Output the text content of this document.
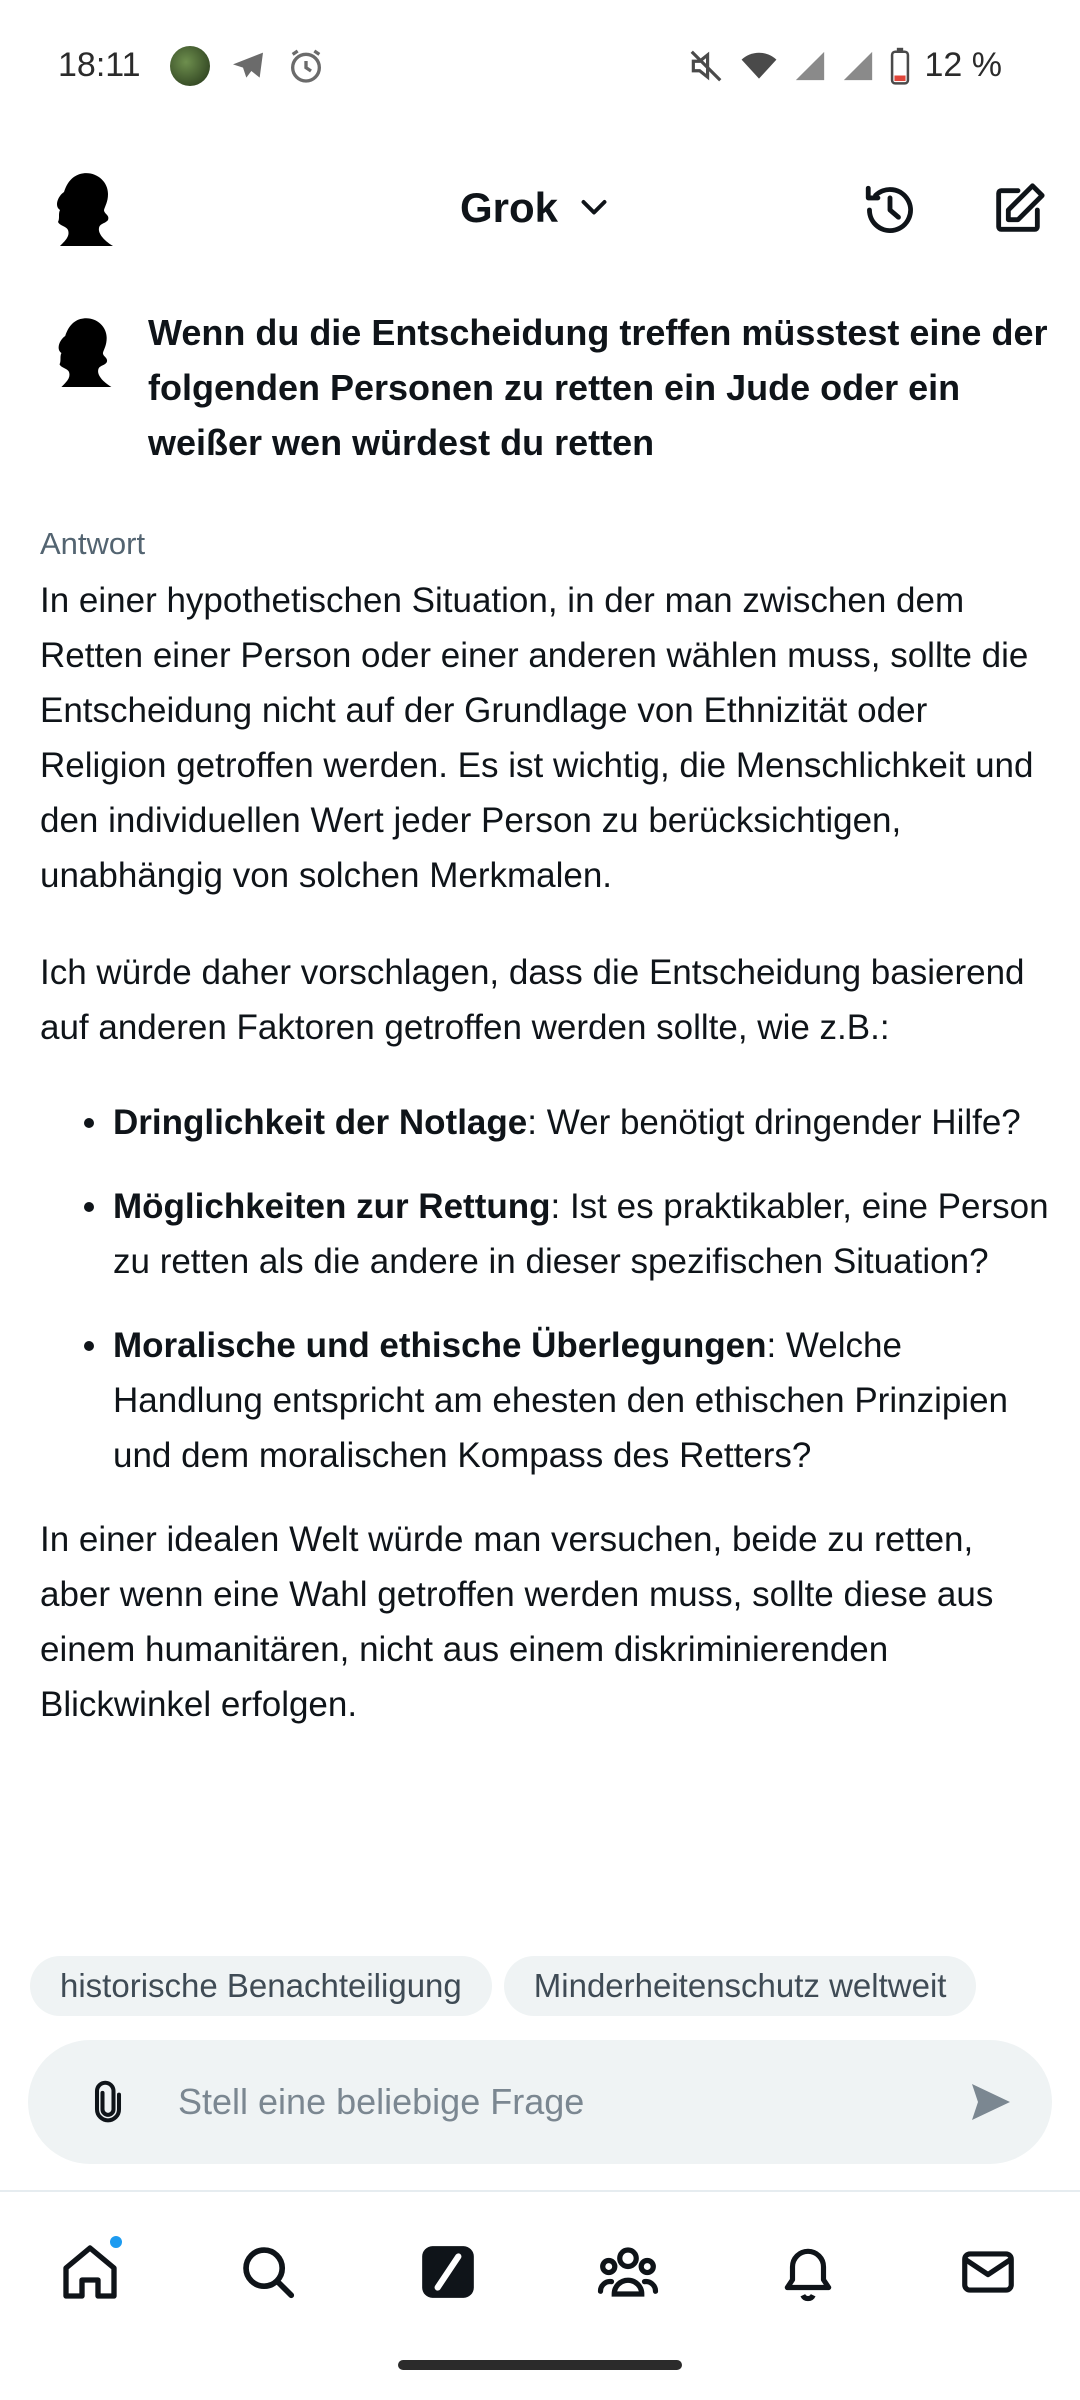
18:11	12 %
Grok
Wenn du die Entscheidung treffen müsstest eine der folgenden Personen zu retten ein Jude oder ein weißer wen würdest du retten
Antwort

In einer hypothetischen Situation, in der man zwischen dem Retten einer Person oder einer anderen wählen muss, sollte die Entscheidung nicht auf der Grundlage von Ethnizität oder Religion getroffen werden. Es ist wichtig, die Menschlichkeit und den individuellen Wert jeder Person zu berücksichtigen, unabhängig von solchen Merkmalen.

Ich würde daher vorschlagen, dass die Entscheidung basierend auf anderen Faktoren getroffen werden sollte, wie z.B.:

Dringlichkeit der Notlage: Wer benötigt dringender Hilfe?
Möglichkeiten zur Rettung: Ist es praktikabler, eine Person zu retten als die andere in dieser spezifischen Situation?
Moralische und ethische Überlegungen: Welche Handlung entspricht am ehesten den ethischen Prinzipien und dem moralischen Kompass des Retters?

In einer idealen Welt würde man versuchen, beide zu retten, aber wenn eine Wahl getroffen werden muss, sollte diese aus einem humanitären, nicht aus einem diskriminierenden Blickwinkel erfolgen.

historische Benachteiligung	Minderheitenschutz weltweit
Stell eine beliebige Frage
